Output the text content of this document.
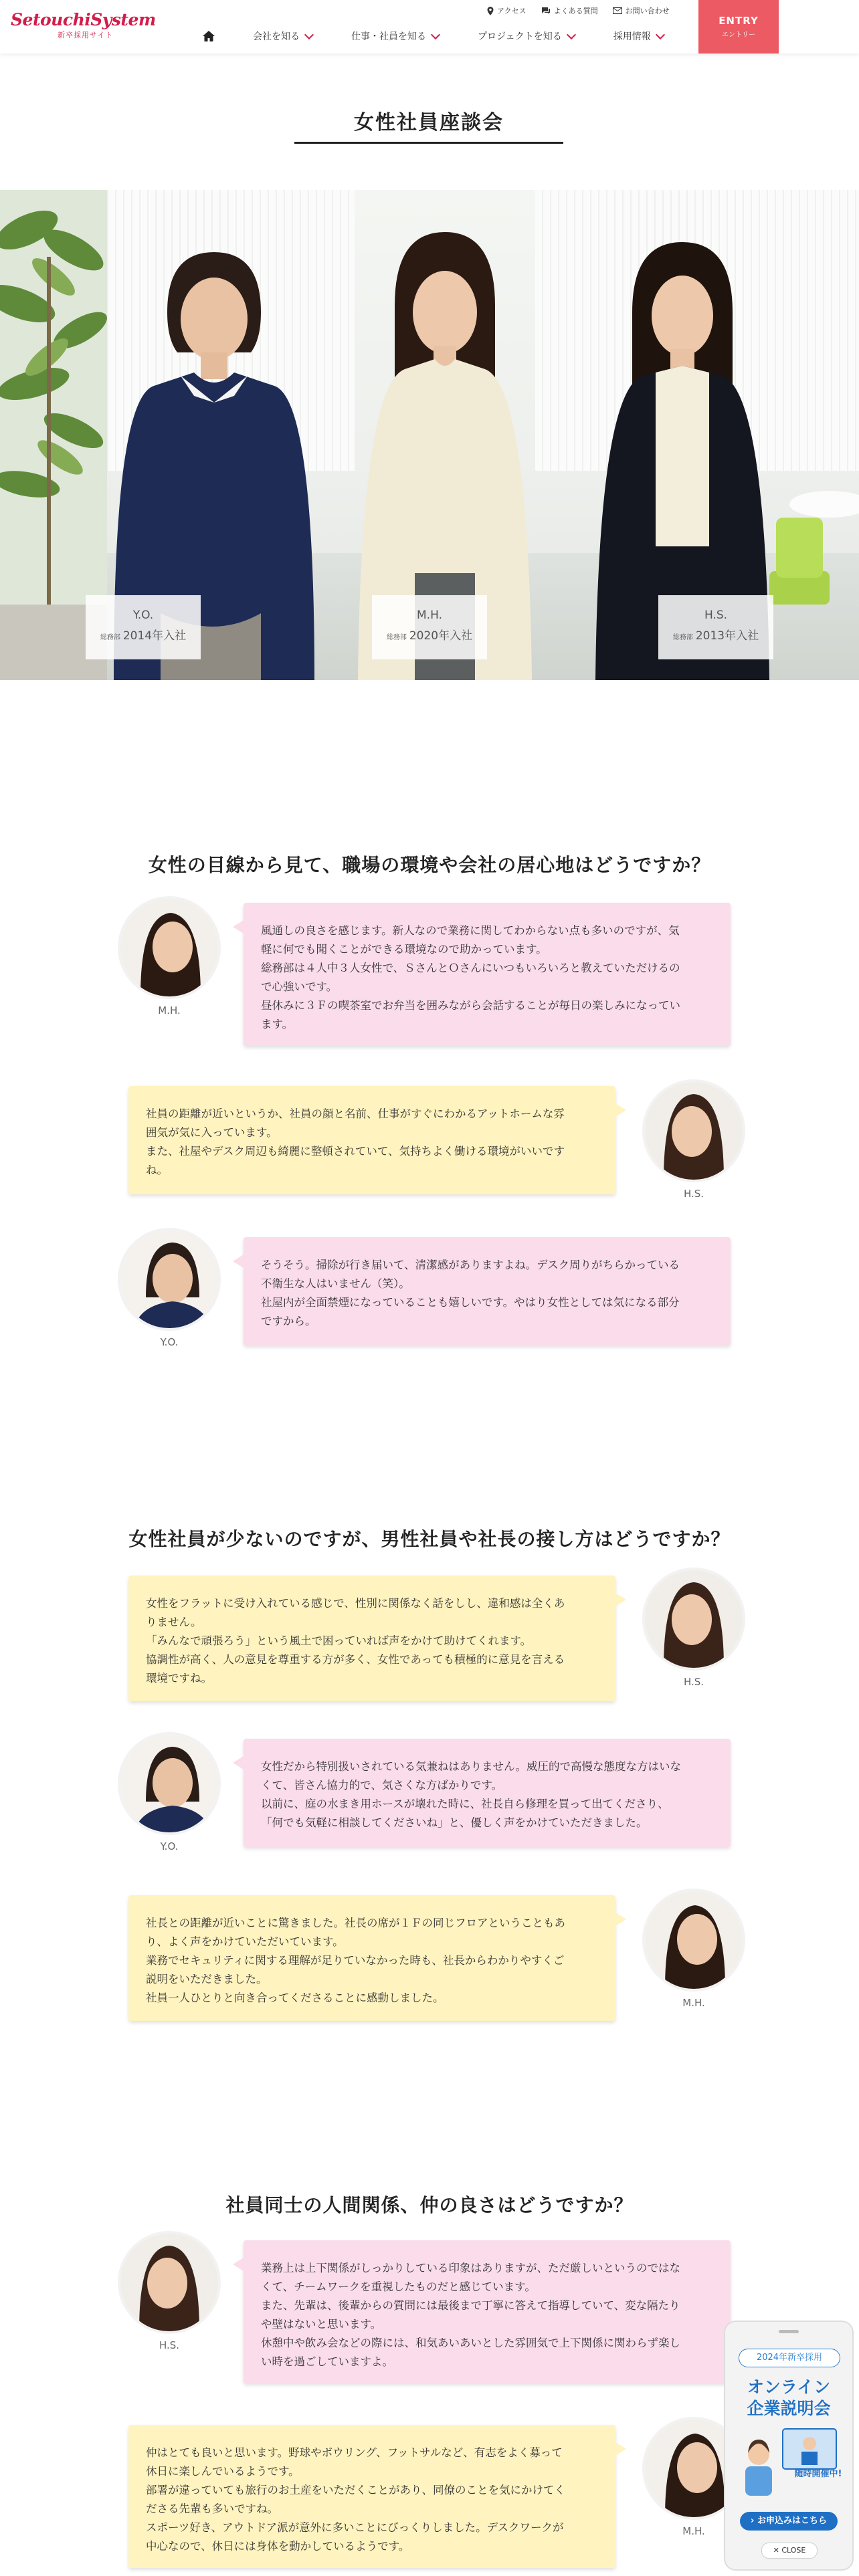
SetouchiSystem
新卒採用サイト
アクセス	よくある質問	お問い合わせ
会社を知る	仕事・社員を知る	プロジェクトを知る	採用情報
ENTRY
エントリー
女性社員座談会
Y.O.
総務部 2014年入社
M.H.
総務部 2020年入社
H.S.
総務部 2013年入社
女性の目線から見て、職場の環境や会社の居心地はどうですか？
M.H.
風通しの良さを感じます。新人なので業務に関してわからない点も多いのですが、気
軽に何でも聞くことができる環境なので助かっています。
総務部は４人中３人女性で、ＳさんとＯさんにいつもいろいろと教えていただけるの
で心強いです。
昼休みに３Ｆの喫茶室でお弁当を囲みながら会話することが毎日の楽しみになってい
ます。
社員の距離が近いというか、社員の顔と名前、仕事がすぐにわかるアットホームな雰
囲気が気に入っています。
また、社屋やデスク周辺も綺麗に整頓されていて、気持ちよく働ける環境がいいです
ね。
H.S.
Y.O.
そうそう。掃除が行き届いて、清潔感がありますよね。デスク周りがちらかっている
不衛生な人はいません（笑）。
社屋内が全面禁煙になっていることも嬉しいです。やはり女性としては気になる部分
ですから。
女性社員が少ないのですが、男性社員や社長の接し方はどうですか？
女性をフラットに受け入れている感じで、性別に関係なく話をしし、違和感は全くあ
りません。
「みんなで頑張ろう」という風土で困っていれば声をかけて助けてくれます。
協調性が高く、人の意見を尊重する方が多く、女性であっても積極的に意見を言える
環境ですね。	H.S.
Y.O.
女性だから特別扱いされている気兼ねはありません。威圧的で高慢な態度な方はいな
くて、皆さん協力的で、気さくな方ばかりです。
以前に、庭の水まき用ホースが壊れた時に、社長自ら修理を買って出てくださり、
「何でも気軽に相談してくださいね」と、優しく声をかけていただきました。
社長との距離が近いことに驚きました。社長の席が１Ｆの同じフロアということもあ
り、よく声をかけていただいています。
業務でセキュリティに関する理解が足りていなかった時も、社長からわかりやすくご
説明をいただきました。
社員一人ひとりと向き合ってくださることに感動しました。	M.H.
社員同士の人間関係、仲の良さはどうですか？
H.S.
業務上は上下関係がしっかりしている印象はありますが、ただ厳しいというのではな
くて、チームワークを重視したものだと感じています。
また、先輩は、後輩からの質問には最後まで丁寧に答えて指導していて、変な隔たり
や壁はないと思います。
休憩中や飲み会などの際には、和気あいあいとした雰囲気で上下関係に関わらず楽し
い時を過ごしていますよ。
仲はとても良いと思います。野球やボウリング、フットサルなど、有志をよく募って
休日に楽しんでいるようです。
部署が違っていても旅行のお土産をいただくことがあり、同僚のことを気にかけてく
ださる先輩も多いですね。
スポーツ好き、アウトドア派が意外に多いことにびっくりしました。デスクワークが
中心なので、休日には身体を動かしているようです。
M.H.
2024年新卒採用
オンライン
企業説明会
随時開催中!
› お申込みはこちら
✕ CLOSE
